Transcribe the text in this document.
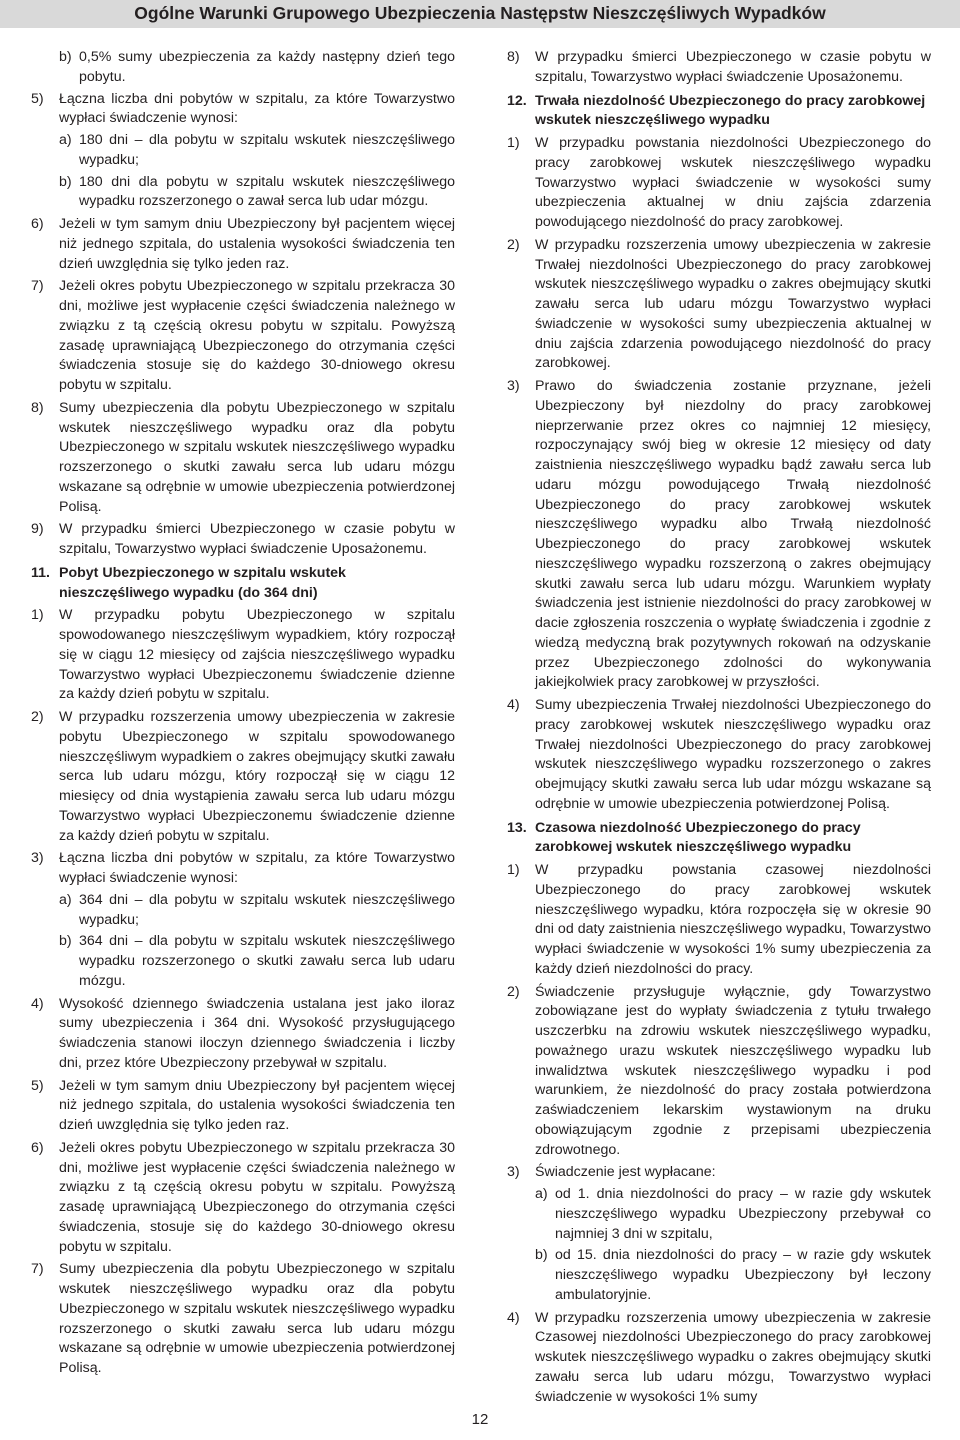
Ogólne Warunki Grupowego Ubezpieczenia Następstw Nieszczęśliwych Wypadków
b) 0,5% sumy ubezpieczenia za każdy następny dzień tego pobytu.
5) Łączna liczba dni pobytów w szpitalu, za które Towarzystwo wypłaci świadczenie wynosi:
a) 180 dni – dla pobytu w szpitalu wskutek nieszczęśliwego wypadku;
b) 180 dni dla pobytu w szpitalu wskutek nieszczęśliwego wypadku rozszerzonego o zawał serca lub udar mózgu.
6) Jeżeli w tym samym dniu Ubezpieczony był pacjentem więcej niż jednego szpitala, do ustalenia wysokości świadczenia ten dzień uwzględnia się tylko jeden raz.
7) Jeżeli okres pobytu Ubezpieczonego w szpitalu przekracza 30 dni, możliwe jest wypłacenie części świadczenia należnego w związku z tą częścią okresu pobytu w szpitalu. Powyższą zasadę uprawniającą Ubezpieczonego do otrzymania części świadczenia stosuje się do każdego 30-dniowego okresu pobytu w szpitalu.
8) Sumy ubezpieczenia dla pobytu Ubezpieczonego w szpitalu wskutek nieszczęśliwego wypadku oraz dla pobytu Ubezpieczonego w szpitalu wskutek nieszczęśliwego wypadku rozszerzonego o skutki zawału serca lub udaru mózgu wskazane są odrębnie w umowie ubezpieczenia potwierdzonej Polisą.
9) W przypadku śmierci Ubezpieczonego w czasie pobytu w szpitalu, Towarzystwo wypłaci świadczenie Uposażonemu.
11. Pobyt Ubezpieczonego w szpitalu wskutek nieszczęśliwego wypadku (do 364 dni)
1) W przypadku pobytu Ubezpieczonego w szpitalu spowodowanego nieszczęśliwym wypadkiem, który rozpoczął się w ciągu 12 miesięcy od zajścia nieszczęśliwego wypadku Towarzystwo wypłaci Ubezpieczonemu świadczenie dzienne za każdy dzień pobytu w szpitalu.
2) W przypadku rozszerzenia umowy ubezpieczenia w zakresie pobytu Ubezpieczonego w szpitalu spowodowanego nieszczęśliwym wypadkiem o zakres obejmujący skutki zawału serca lub udaru mózgu, który rozpoczął się w ciągu 12 miesięcy od dnia wystąpienia zawału serca lub udaru mózgu Towarzystwo wypłaci Ubezpieczonemu świadczenie dzienne za każdy dzień pobytu w szpitalu.
3) Łączna liczba dni pobytów w szpitalu, za które Towarzystwo wypłaci świadczenie wynosi:
a) 364 dni – dla pobytu w szpitalu wskutek nieszczęśliwego wypadku;
b) 364 dni – dla pobytu w szpitalu wskutek nieszczęśliwego wypadku rozszerzonego o skutki zawału serca lub udaru mózgu.
4) Wysokość dziennego świadczenia ustalana jest jako iloraz sumy ubezpieczenia i 364 dni. Wysokość przysługującego świadczenia stanowi iloczyn dziennego świadczenia i liczby dni, przez które Ubezpieczony przebywał w szpitalu.
5) Jeżeli w tym samym dniu Ubezpieczony był pacjentem więcej niż jednego szpitala, do ustalenia wysokości świadczenia ten dzień uwzględnia się tylko jeden raz.
6) Jeżeli okres pobytu Ubezpieczonego w szpitalu przekracza 30 dni, możliwe jest wypłacenie części świadczenia należnego w związku z tą częścią okresu pobytu w szpitalu. Powyższą zasadę uprawniającą Ubezpieczonego do otrzymania części świadczenia, stosuje się do każdego 30-dniowego okresu pobytu w szpitalu.
7) Sumy ubezpieczenia dla pobytu Ubezpieczonego w szpitalu wskutek nieszczęśliwego wypadku oraz dla pobytu Ubezpieczonego w szpitalu wskutek nieszczęśliwego wypadku rozszerzonego o skutki zawału serca lub udaru mózgu wskazane są odrębnie w umowie ubezpieczenia potwierdzonej Polisą.
8) W przypadku śmierci Ubezpieczonego w czasie pobytu w szpitalu, Towarzystwo wypłaci świadczenie Uposażonemu.
12. Trwała niezdolność Ubezpieczonego do pracy zarobkowej wskutek nieszczęśliwego wypadku
1) W przypadku powstania niezdolności Ubezpieczonego do pracy zarobkowej wskutek nieszczęśliwego wypadku Towarzystwo wypłaci świadczenie w wysokości sumy ubezpieczenia aktualnej w dniu zajścia zdarzenia powodującego niezdolność do pracy zarobkowej.
2) W przypadku rozszerzenia umowy ubezpieczenia w zakresie Trwałej niezdolności Ubezpieczonego do pracy zarobkowej wskutek nieszczęśliwego wypadku o zakres obejmujący skutki zawału serca lub udaru mózgu Towarzystwo wypłaci świadczenie w wysokości sumy ubezpieczenia aktualnej w dniu zajścia zdarzenia powodującego niezdolność do pracy zarobkowej.
3) Prawo do świadczenia zostanie przyznane, jeżeli Ubezpieczony był niezdolny do pracy zarobkowej nieprzerwanie przez okres co najmniej 12 miesięcy, rozpoczynający swój bieg w okresie 12 miesięcy od daty zaistnienia nieszczęśliwego wypadku bądź zawału serca lub udaru mózgu powodującego Trwałą niezdolność Ubezpieczonego do pracy zarobkowej wskutek nieszczęśliwego wypadku albo Trwałą niezdolność Ubezpieczonego do pracy zarobkowej wskutek nieszczęśliwego wypadku rozszerzoną o zakres obejmujący skutki zawału serca lub udaru mózgu. Warunkiem wypłaty świadczenia jest istnienie niezdolności do pracy zarobkowej w dacie zgłoszenia roszczenia o wypłatę świadczenia i zgodnie z wiedzą medyczną brak pozytywnych rokowań na odzyskanie przez Ubezpieczonego zdolności do wykonywania jakiejkolwiek pracy zarobkowej w przyszłości.
4) Sumy ubezpieczenia Trwałej niezdolności Ubezpieczonego do pracy zarobkowej wskutek nieszczęśliwego wypadku oraz Trwałej niezdolności Ubezpieczonego do pracy zarobkowej wskutek nieszczęśliwego wypadku rozszerzonego o zakres obejmujący skutki zawału serca lub udar mózgu wskazane są odrębnie w umowie ubezpieczenia potwierdzonej Polisą.
13. Czasowa niezdolność Ubezpieczonego do pracy zarobkowej wskutek nieszczęśliwego wypadku
1) W przypadku powstania czasowej niezdolności Ubezpieczonego do pracy zarobkowej wskutek nieszczęśliwego wypadku, która rozpoczęła się w okresie 90 dni od daty zaistnienia nieszczęśliwego wypadku, Towarzystwo wypłaci świadczenie w wysokości 1% sumy ubezpieczenia za każdy dzień niezdolności do pracy.
2) Świadczenie przysługuje wyłącznie, gdy Towarzystwo zobowiązane jest do wypłaty świadczenia z tytułu trwałego uszczerbku na zdrowiu wskutek nieszczęśliwego wypadku, poważnego urazu wskutek nieszczęśliwego wypadku lub inwalidztwa wskutek nieszczęśliwego wypadku i pod warunkiem, że niezdolność do pracy została potwierdzona zaświadczeniem lekarskim wystawionym na druku obowiązującym zgodnie z przepisami ubezpieczenia zdrowotnego.
3) Świadczenie jest wypłacane:
a) od 1. dnia niezdolności do pracy – w razie gdy wskutek nieszczęśliwego wypadku Ubezpieczony przebywał co najmniej 3 dni w szpitalu,
b) od 15. dnia niezdolności do pracy – w razie gdy wskutek nieszczęśliwego wypadku Ubezpieczony był leczony ambulatoryjnie.
4) W przypadku rozszerzenia umowy ubezpieczenia w zakresie Czasowej niezdolności Ubezpieczonego do pracy zarobkowej wskutek nieszczęśliwego wypadku o zakres obejmujący skutki zawału serca lub udaru mózgu, Towarzystwo wypłaci świadczenie w wysokości 1% sumy
12
